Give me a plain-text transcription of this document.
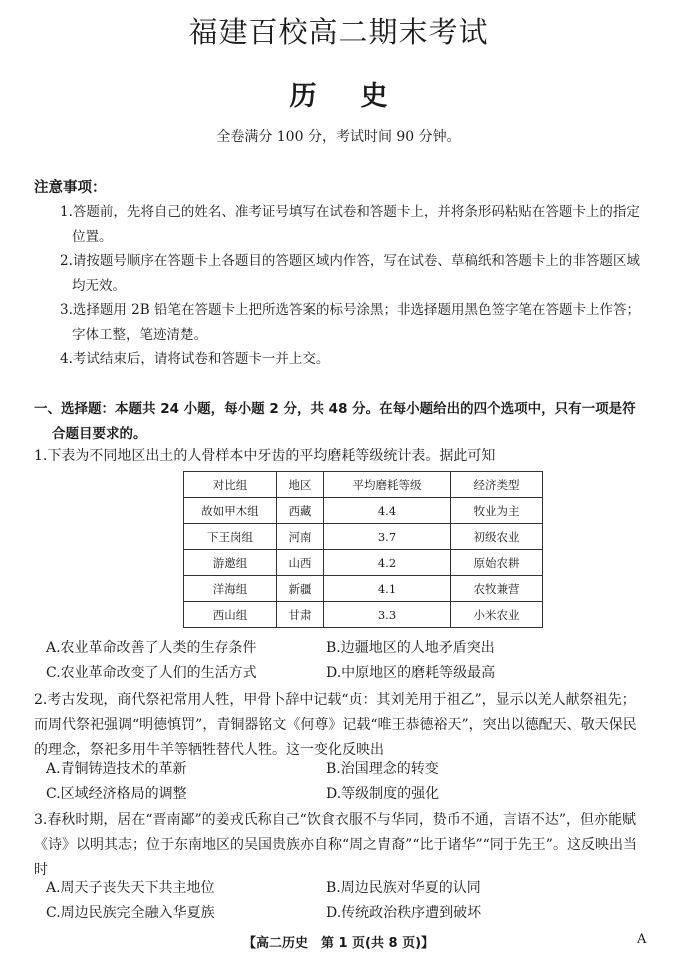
福建百校高二期末考试
历史
全卷满分 100 分，考试时间 90 分钟。
注意事项：
1.答题前，先将自己的姓名、准考证号填写在试卷和答题卡上，并将条形码粘贴在答题卡上的指定位置。
2.请按题号顺序在答题卡上各题目的答题区域内作答，写在试卷、草稿纸和答题卡上的非答题区域均无效。
3.选择题用 2B 铅笔在答题卡上把所选答案的标号涂黑；非选择题用黑色签字笔在答题卡上作答；字体工整，笔迹清楚。
4.考试结束后，请将试卷和答题卡一并上交。
一、选择题：本题共 24 小题，每小题 2 分，共 48 分。在每小题给出的四个选项中，只有一项是符
合题目要求的。
1.下表为不同地区出土的人骨样本中牙齿的平均磨耗等级统计表。据此可知
对比组	地区	平均磨耗等级	经济类型
故如甲木组	西藏	4.4	牧业为主
下王岗组	河南	3.7	初级农业
游邀组	山西	4.2	原始农耕
洋海组	新疆	4.1	农牧兼营
西山组	甘肃	3.3	小米农业
A.农业革命改善了人类的生存条件	B.边疆地区的人地矛盾突出
C.农业革命改变了人们的生活方式	D.中原地区的磨耗等级最高
2.考古发现，商代祭祀常用人牲，甲骨卜辞中记载“贞：其刘羌用于祖乙”，显示以羌人献祭祖先；而周代祭祀强调“明德慎罚”，青铜器铭文《何尊》记载“唯王恭德裕天”，突出以德配天、敬天保民的理念，祭祀多用牛羊等牺牲替代人牲。这一变化反映出
A.青铜铸造技术的革新	B.治国理念的转变
C.区域经济格局的调整	D.等级制度的强化
3.春秋时期，居在“晋南鄙”的姜戎氏称自己“饮食衣服不与华同，贽币不通，言语不达”，但亦能赋《诗》以明其志；位于东南地区的吴国贵族亦自称“周之胄裔”“比于诸华”“同于先王”。这反映出当时
A.周天子丧失天下共主地位	B.周边民族对华夏的认同
C.周边民族完全融入华夏族	D.传统政治秩序遭到破坏
【高二历史　第 1 页(共 8 页)】	A
